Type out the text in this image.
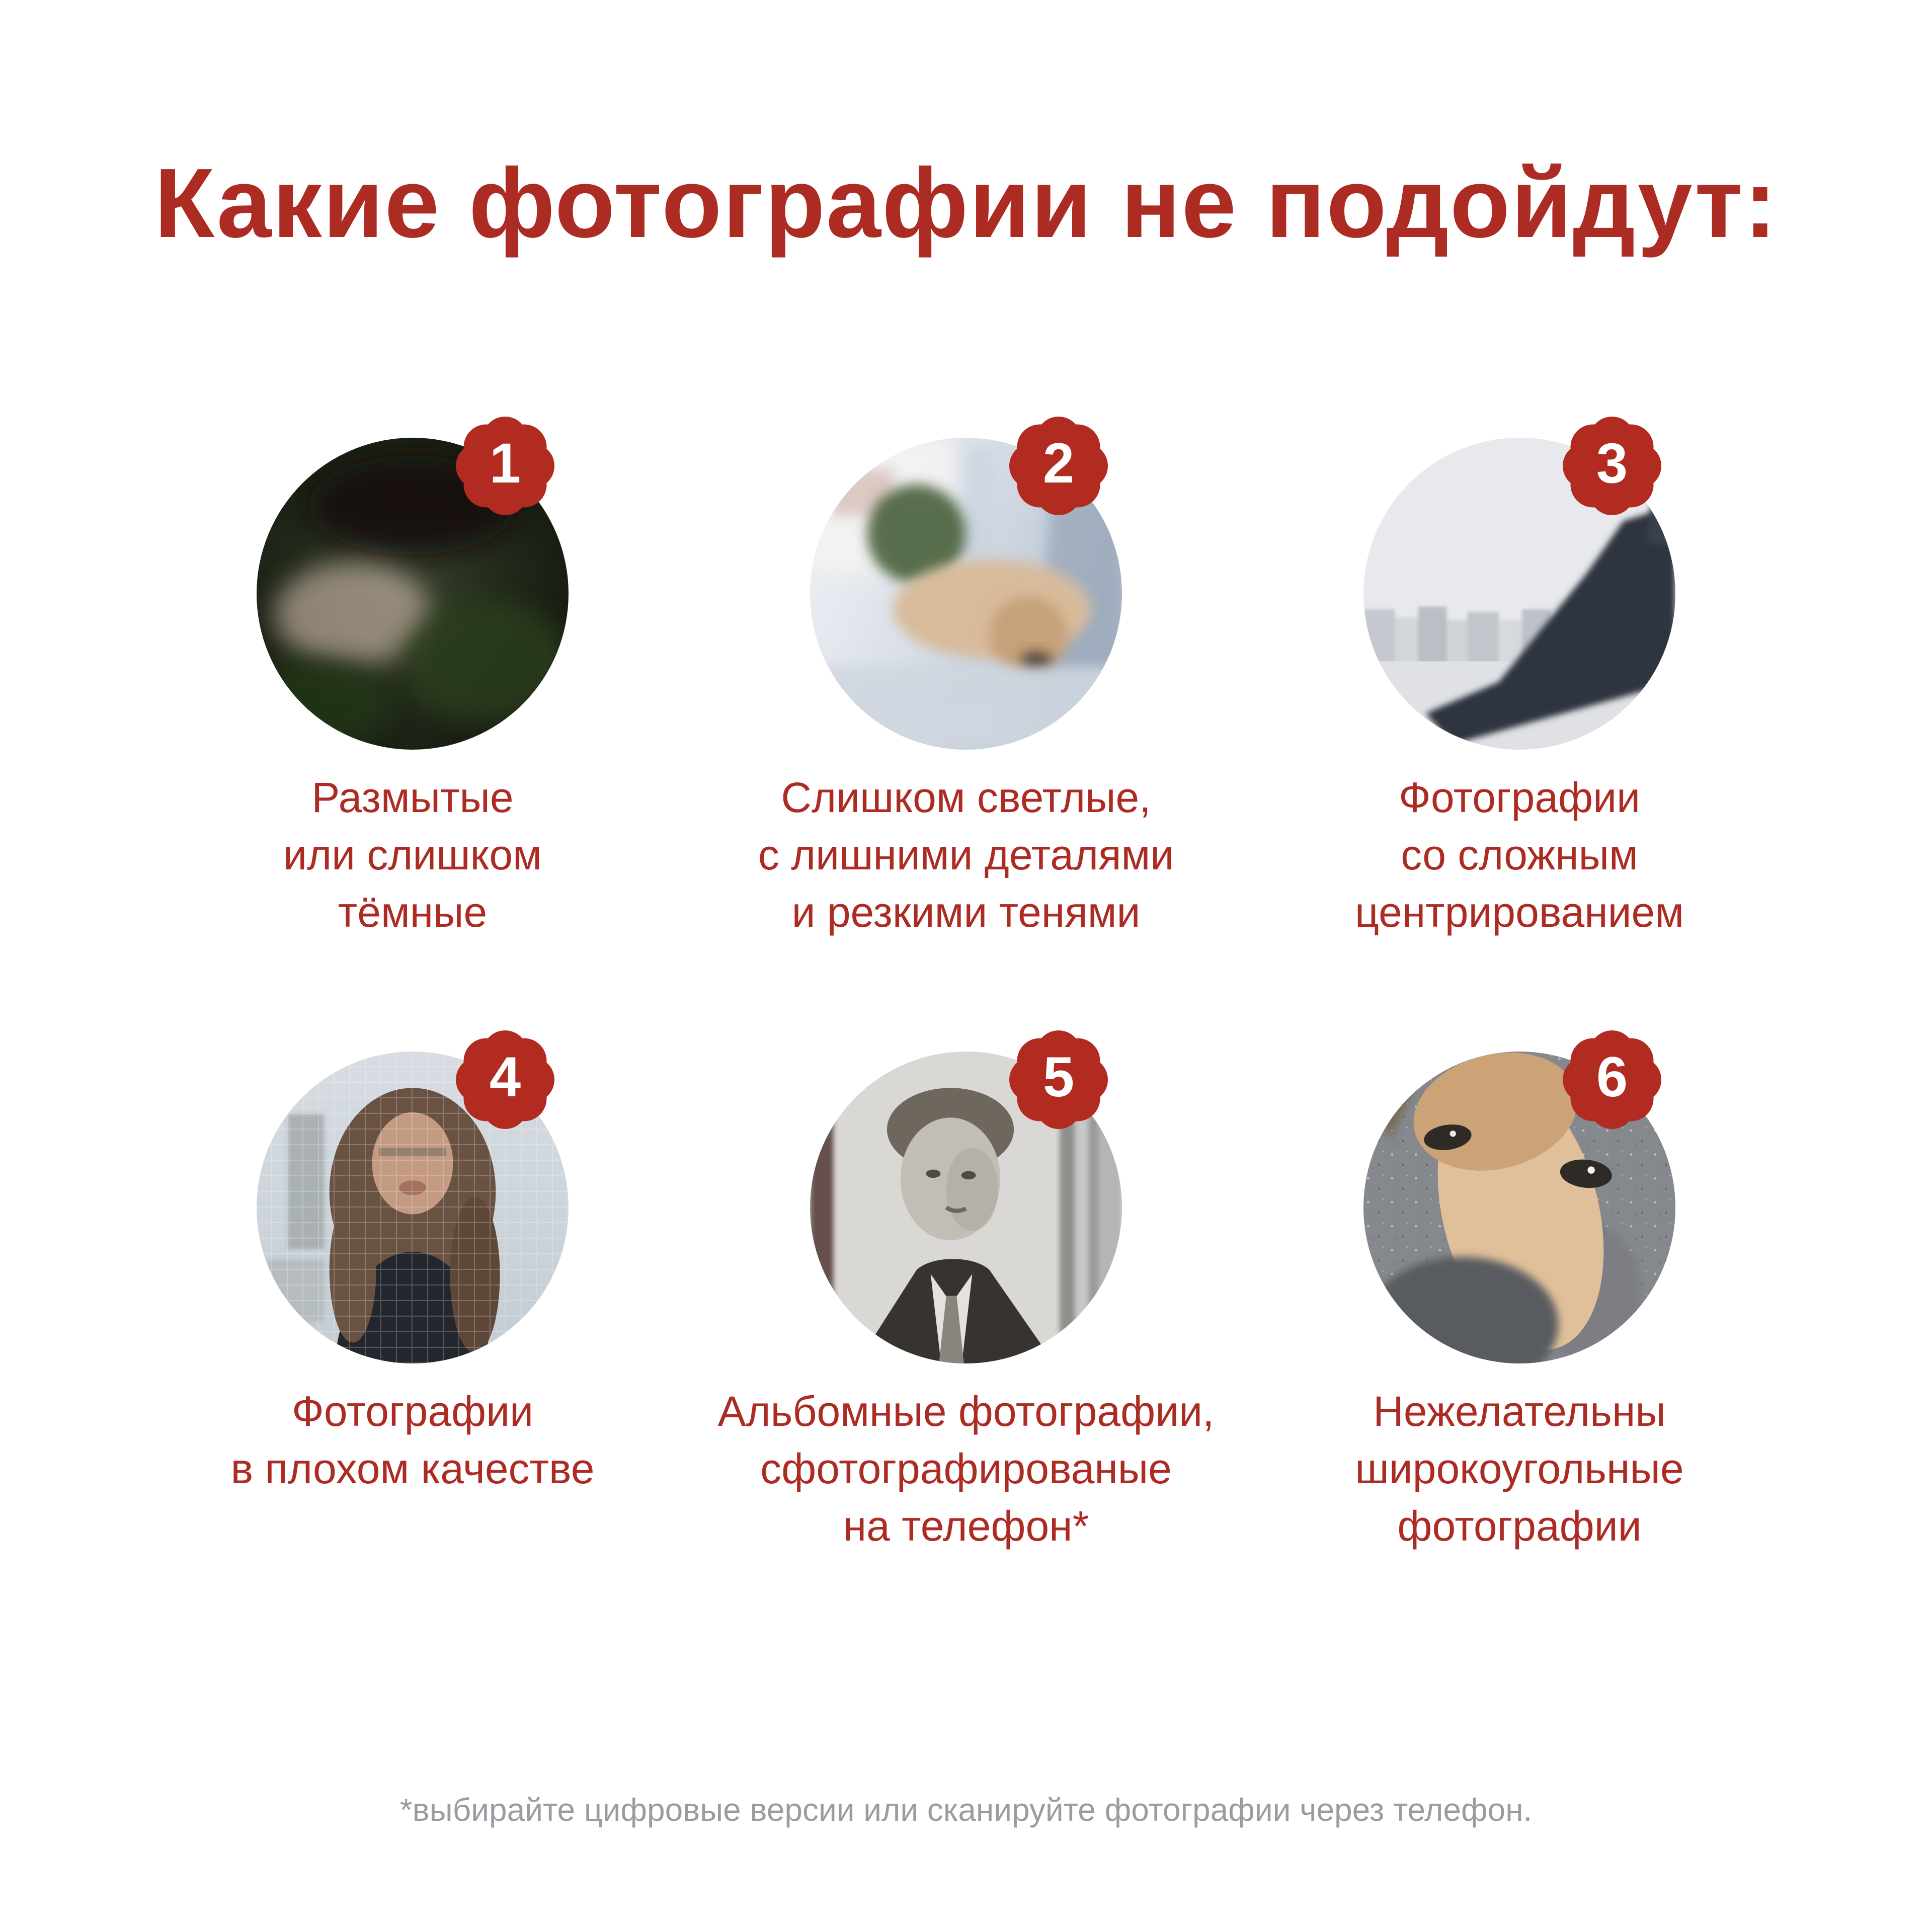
Какие фотографии не подойдут:
1
Размытые
или слишком
тёмные
2
Слишком светлые,
с лишними деталями
и резкими тенями
3
Фотографии
со сложным
центрированием
4
Фотографии
в плохом качестве
5
Альбомные фотографии,
сфотографированые
на телефон*
6
Нежелательны
широкоугольные
фотографии
*выбирайте цифровые версии или сканируйте фотографии через телефон.
